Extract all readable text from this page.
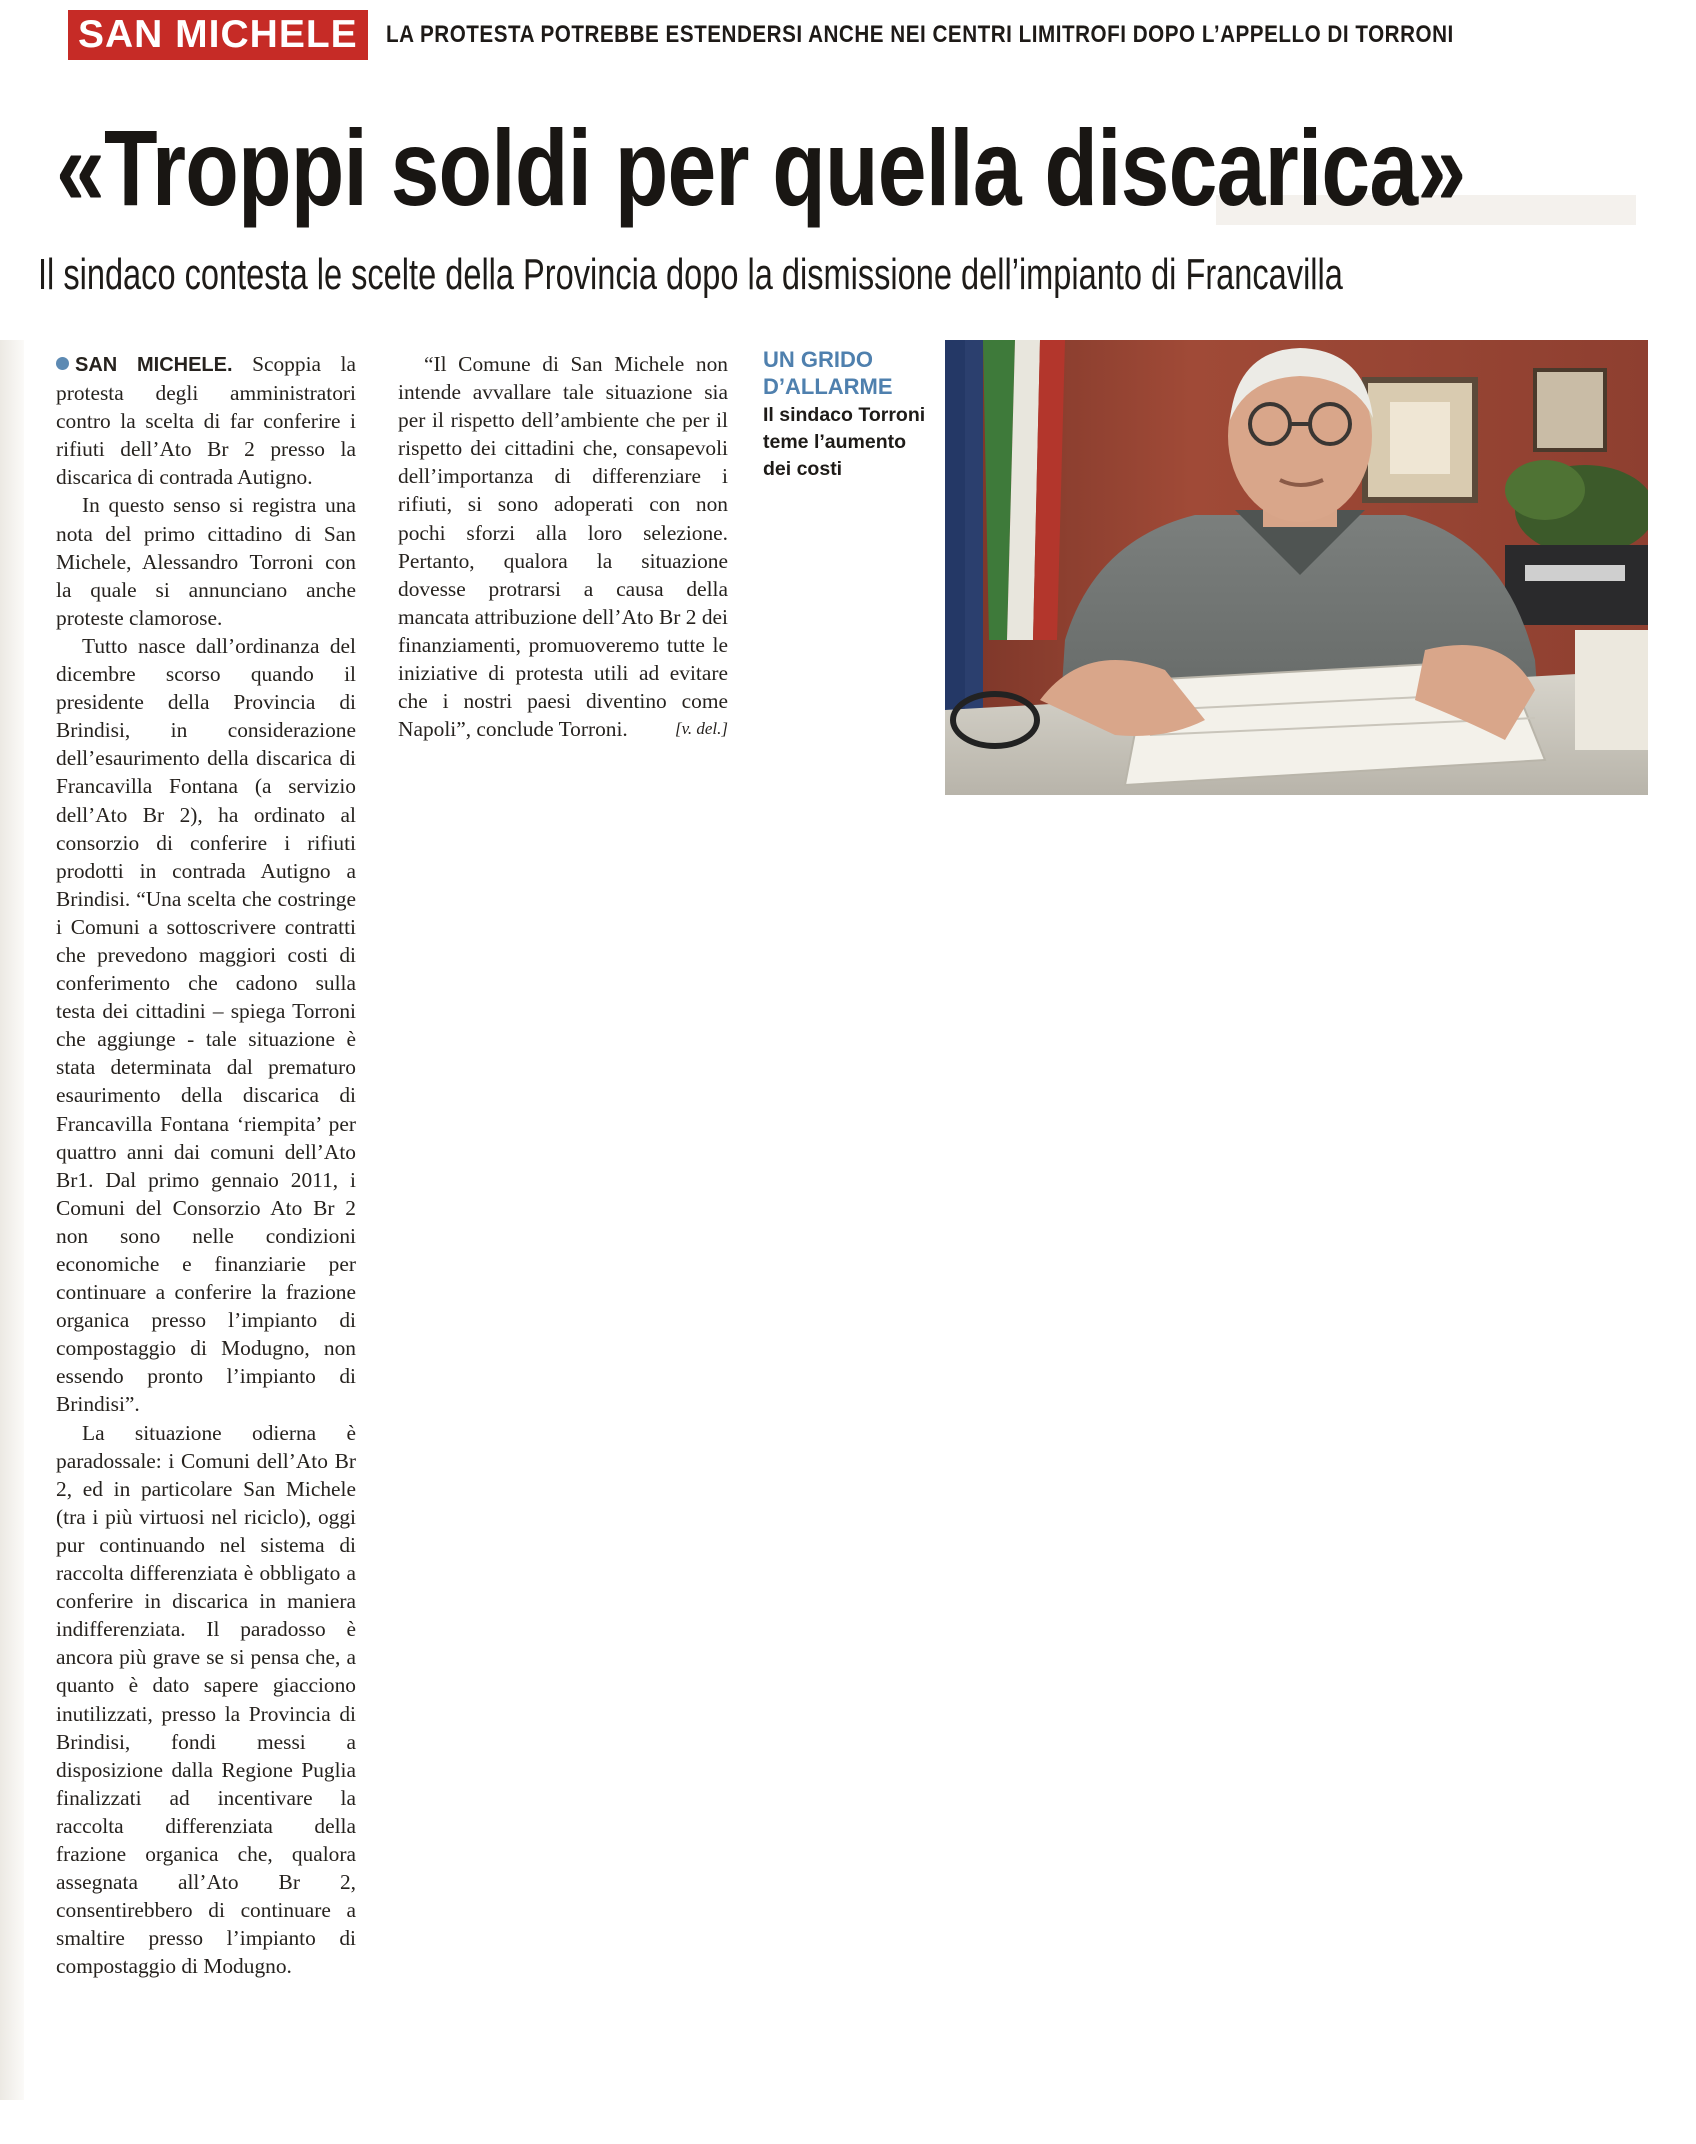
SAN MICHELE	LA PROTESTA POTREBBE ESTENDERSI ANCHE NEI CENTRI LIMITROFI DOPO L’APPELLO DI TORRONI
«Troppi soldi per quella discarica»
Il sindaco contesta le scelte della Provincia dopo la dismissione dell’impianto di Francavilla

SAN MICHELE. Scoppia la protesta degli amministratori contro la scelta di far conferire i rifiuti dell’Ato Br 2 presso la discarica di contrada Autigno.

In questo senso si registra una nota del primo cittadino di San Michele, Alessandro Torroni con la quale si annunciano anche proteste clamorose.

Tutto nasce dall’ordinanza del dicembre scorso quando il presidente della Provincia di Brindisi, in considerazione dell’esaurimento della discarica di Francavilla Fontana (a servizio dell’Ato Br 2), ha ordinato al consorzio di conferire i rifiuti prodotti in contrada Autigno a Brindisi. “Una scelta che costringe i Comuni a sottoscrivere contratti che prevedono maggiori costi di conferimento che cadono sulla testa dei cittadini – spiega Torroni che aggiunge - tale situazione è stata determinata dal prematuro esaurimento della discarica di Francavilla Fontana ‘riempita’ per quattro anni dai comuni dell’Ato Br1. Dal primo gennaio 2011, i Comuni del Consorzio Ato Br 2 non sono nelle condizioni economiche e finanziarie per continuare a conferire la frazione organica presso l’impianto di compostaggio di Modugno, non essendo pronto l’impianto di Brindisi”.

La situazione odierna è paradossale: i Comuni dell’Ato Br 2, ed in particolare San Michele (tra i più virtuosi nel riciclo), oggi pur continuando nel sistema di raccolta differenziata è obbligato a conferire in discarica in maniera indifferenziata. Il paradosso è ancora più grave se si pensa che, a quanto è dato sapere giacciono inutilizzati, presso la Provincia di Brindisi, fondi messi a disposizione dalla Regione Puglia finalizzati ad incentivare la raccolta differenziata della frazione organica che, qualora assegnata all’Ato Br 2, consentirebbero di continuare a smaltire presso l’impianto di compostaggio di Modugno.

“Il Comune di San Michele non intende avvallare tale situazione sia per il rispetto dell’ambiente che per il rispetto dei cittadini che, consapevoli dell’importanza di differenziare i rifiuti, si sono adoperati con non pochi sforzi alla loro selezione. Pertanto, qualora la situazione dovesse protrarsi a causa della mancata attribuzione dell’Ato Br 2 dei finanziamenti, promuoveremo tutte le iniziative di protesta utili ad evitare che i nostri paesi diventino come Napoli”, conclude Torroni.	[v. del.]

UN GRIDO D’ALLARME
Il sindaco Torroni teme l’aumento dei costi
